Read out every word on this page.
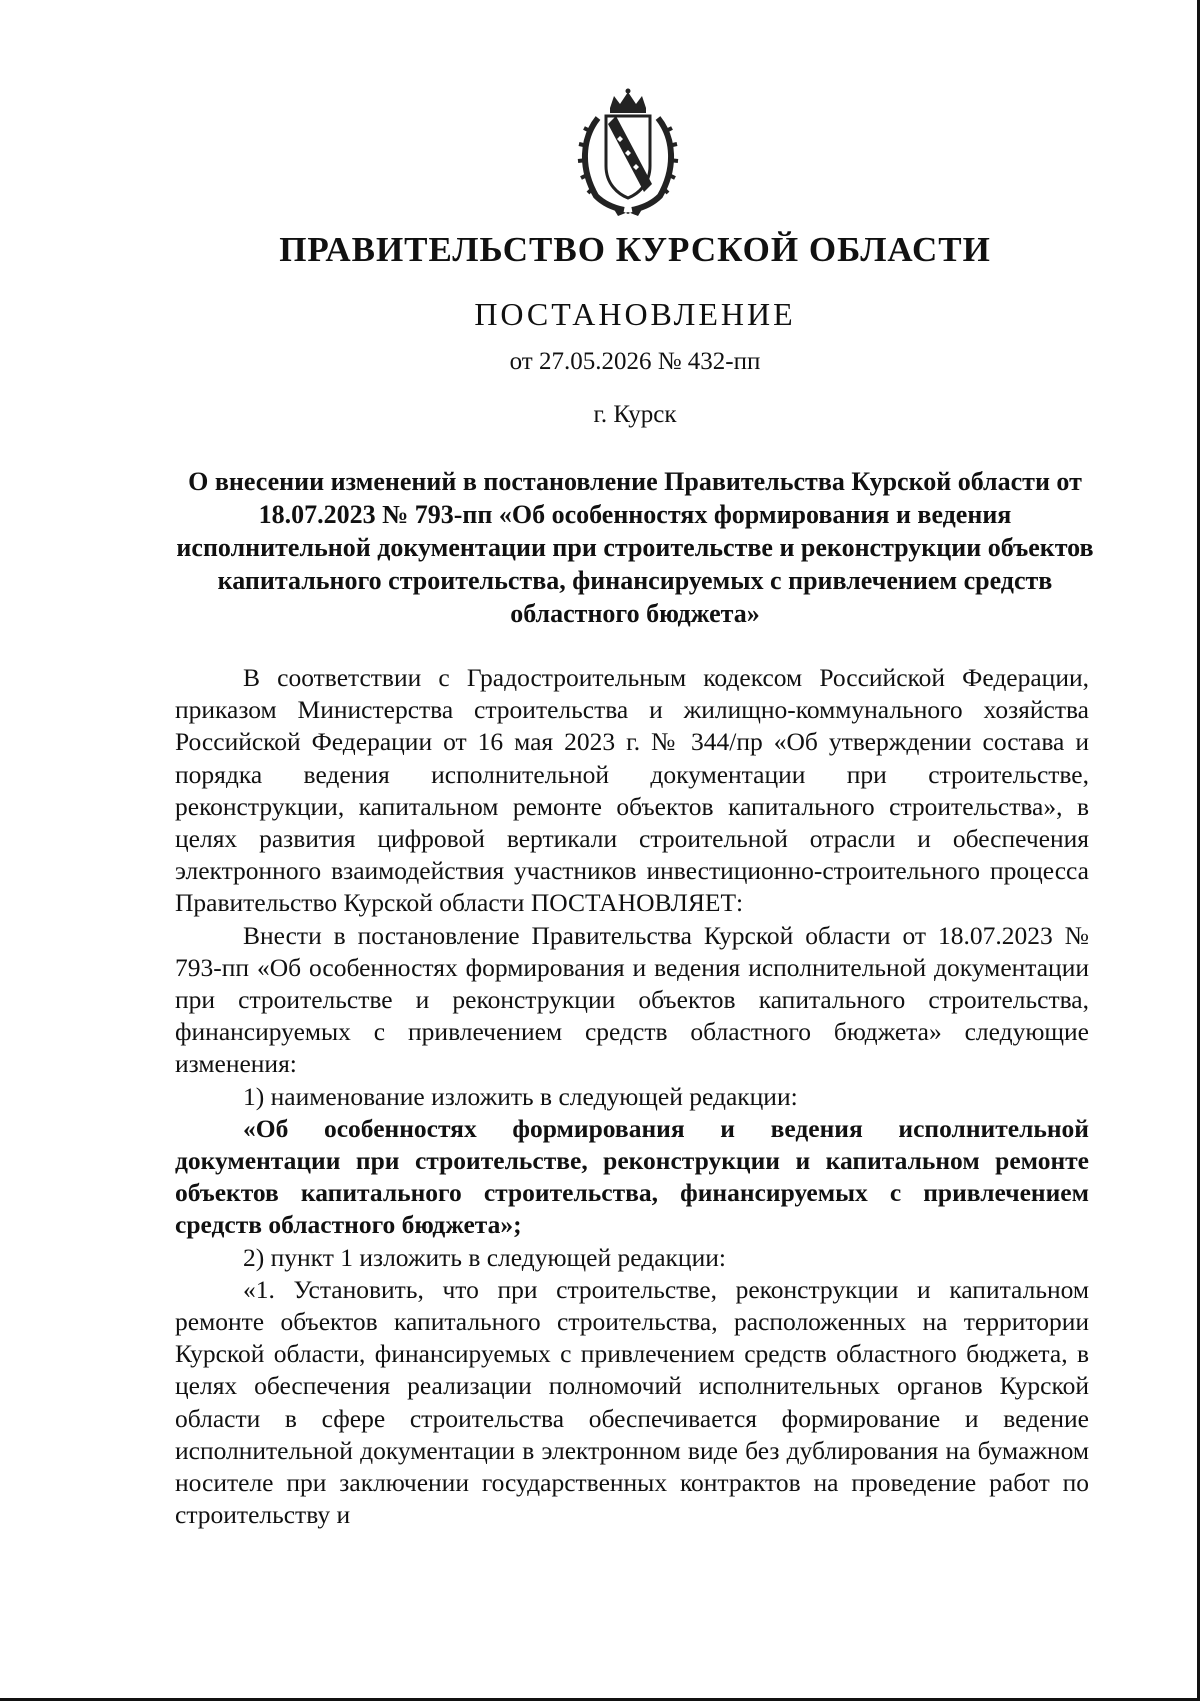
ПРАВИТЕЛЬСТВО КУРСКОЙ ОБЛАСТИ
ПОСТАНОВЛЕНИЕ
от 27.05.2026 № 432-пп
г. Курск
О внесении изменений в постановление Правительства Курской области от 18.07.2023 № 793-пп «Об особенностях формирования и ведения исполнительной документации при строительстве и реконструкции объектов капитального строительства, финансируемых с привлечением средств областного бюджета»

В соответствии с Градостроительным кодексом Российской Федерации, приказом Министерства строительства и жилищно-коммунального хозяйства Российской Федерации от 16 мая 2023 г. № 344/пр «Об утверждении состава и порядка ведения исполнительной документации при строительстве, реконструкции, капитальном ремонте объектов капитального строительства», в целях развития цифровой вертикали строительной отрасли и обеспечения электронного взаимодействия участников инвестиционно-строительного процесса Правительство Курской области ПОСТАНОВЛЯЕТ:

Внести в постановление Правительства Курской области от 18.07.2023 № 793-пп «Об особенностях формирования и ведения исполнительной документации при строительстве и реконструкции объектов капитального строительства, финансируемых с привлечением средств областного бюджета» следующие изменения:

1) наименование изложить в следующей редакции:

«Об особенностях формирования и ведения исполнительной документации при строительстве, реконструкции и капитальном ремонте объектов капитального строительства, финансируемых с привлечением средств областного бюджета»;

2) пункт 1 изложить в следующей редакции:

«1. Установить, что при строительстве, реконструкции и капитальном ремонте объектов капитального строительства, расположенных на территории Курской области, финансируемых с привлечением средств областного бюджета, в целях обеспечения реализации полномочий исполнительных органов Курской области в сфере строительства обеспечивается формирование и ведение исполнительной документации в электронном виде без дублирования на бумажном носителе при заключении государственных контрактов на проведение работ по строительству и
